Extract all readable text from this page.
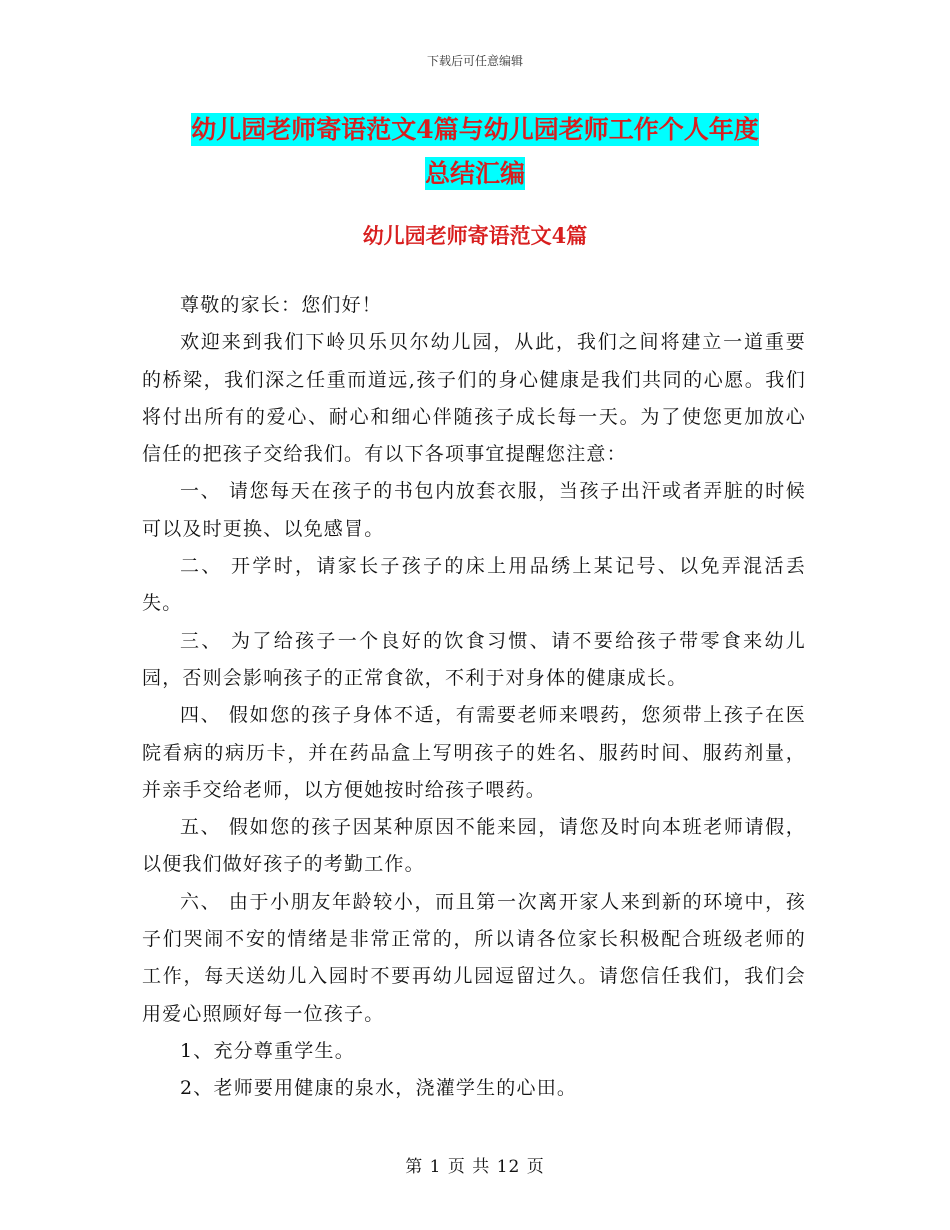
下载后可任意编辑
幼儿园老师寄语范文4篇与幼儿园老师工作个人年度
总结汇编
幼儿园老师寄语范文4篇

尊敬的家长：您们好！

欢迎来到我们下岭贝乐贝尔幼儿园，从此，我们之间将建立一道重要的桥梁，我们深之任重而道远,孩子们的身心健康是我们共同的心愿。我们将付出所有的爱心、耐心和细心伴随孩子成长每一天。为了使您更加放心信任的把孩子交给我们。有以下各项事宜提醒您注意：

一、 请您每天在孩子的书包内放套衣服，当孩子出汗或者弄脏的时候可以及时更换、以免感冒。

二、 开学时，请家长子孩子的床上用品绣上某记号、以免弄混活丢失。

三、 为了给孩子一个良好的饮食习惯、请不要给孩子带零食来幼儿园，否则会影响孩子的正常食欲，不利于对身体的健康成长。

四、 假如您的孩子身体不适，有需要老师来喂药，您须带上孩子在医院看病的病历卡，并在药品盒上写明孩子的姓名、服药时间、服药剂量，并亲手交给老师，以方便她按时给孩子喂药。

五、 假如您的孩子因某种原因不能来园，请您及时向本班老师请假，以便我们做好孩子的考勤工作。

六、 由于小朋友年龄较小，而且第一次离开家人来到新的环境中，孩子们哭闹不安的情绪是非常正常的，所以请各位家长积极配合班级老师的工作，每天送幼儿入园时不要再幼儿园逗留过久。请您信任我们，我们会用爱心照顾好每一位孩子。

1、充分尊重学生。

2、老师要用健康的泉水，浇灌学生的心田。

第 1 页 共 12 页
